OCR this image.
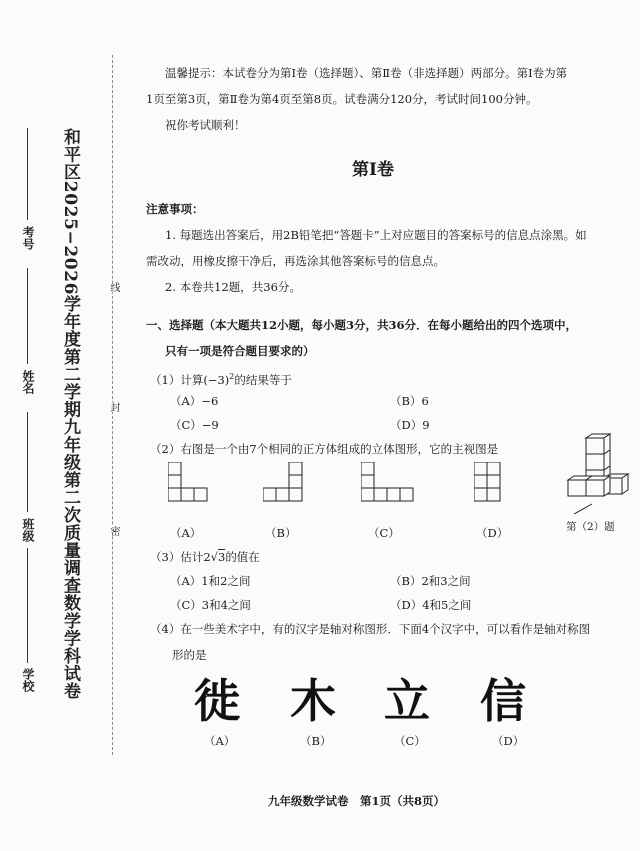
和平区2025−2026学年度第二学期九年级第二次质量调查数学学科试卷
学校
班级
姓名
考号
密
封
线
温馨提示：本试卷分为第Ⅰ卷（选择题）、第Ⅱ卷（非选择题）两部分。第Ⅰ卷为第
1页至第3页，第Ⅱ卷为第4页至第8页。试卷满分120分，考试时间100分钟。
祝你考试顺利！
第Ⅰ卷
注意事项：
1. 每题选出答案后，用2B铅笔把“答题卡”上对应题目的答案标号的信息点涂黑。如
需改动，用橡皮擦干净后，再选涂其他答案标号的信息点。
2. 本卷共12题，共36分。
一、选择题（本大题共12小题，每小题3分，共36分．在每小题给出的四个选项中，
只有一项是符合题目要求的）
（1）计算$(-3)^2$的结果等于
（A）−6	（B）6
（C）−9	（D）9
（2）右图是一个由7个相同的正方体组成的立体图形，它的主视图是
（A）	（B）	（C）	（D）	第（2）题
（3）估计2√3的值在
（A）1和2之间	（B）2和3之间
（C）3和4之间	（D）4和5之间
（4）在一些美术字中，有的汉字是轴对称图形．下面4个汉字中，可以看作是轴对称图
形的是
徙 木 立 信
（A）	（B）	（C）	（D）
九年级数学试卷　第1页（共8页）
